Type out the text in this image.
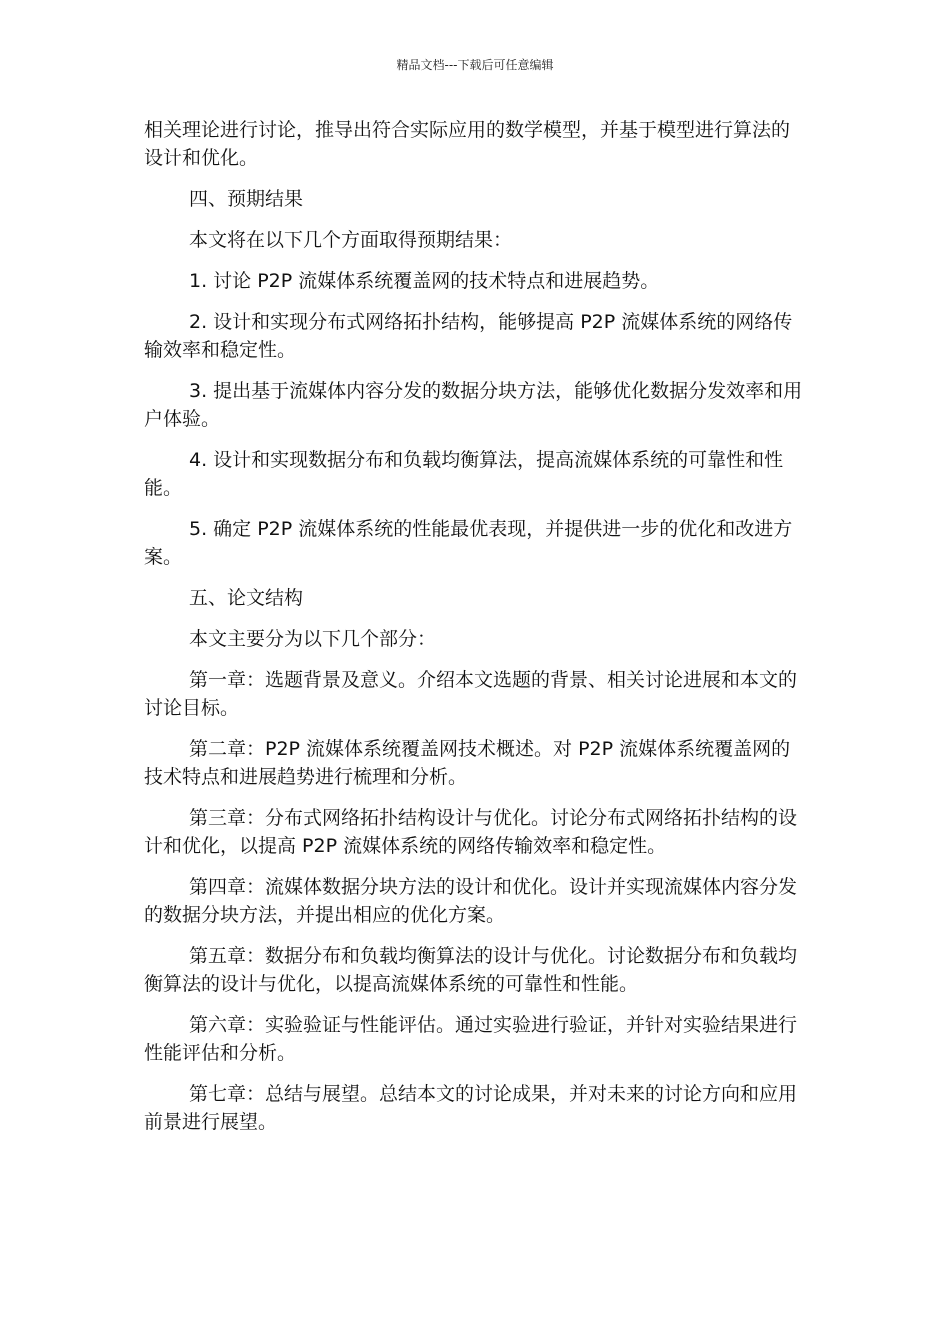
精品文档---下载后可任意编辑

相关理论进行讨论，推导出符合实际应用的数学模型，并基于模型进行算法的设计和优化。

四、预期结果

本文将在以下几个方面取得预期结果：

1. 讨论 P2P 流媒体系统覆盖网的技术特点和进展趋势。

2. 设计和实现分布式网络拓扑结构，能够提高 P2P 流媒体系统的网络传输效率和稳定性。

3. 提出基于流媒体内容分发的数据分块方法，能够优化数据分发效率和用户体验。

4. 设计和实现数据分布和负载均衡算法，提高流媒体系统的可靠性和性能。

5. 确定 P2P 流媒体系统的性能最优表现，并提供进一步的优化和改进方案。

五、论文结构

本文主要分为以下几个部分：

第一章：选题背景及意义。介绍本文选题的背景、相关讨论进展和本文的讨论目标。

第二章：P2P 流媒体系统覆盖网技术概述。对 P2P 流媒体系统覆盖网的技术特点和进展趋势进行梳理和分析。

第三章：分布式网络拓扑结构设计与优化。讨论分布式网络拓扑结构的设计和优化，以提高 P2P 流媒体系统的网络传输效率和稳定性。

第四章：流媒体数据分块方法的设计和优化。设计并实现流媒体内容分发的数据分块方法，并提出相应的优化方案。

第五章：数据分布和负载均衡算法的设计与优化。讨论数据分布和负载均衡算法的设计与优化，以提高流媒体系统的可靠性和性能。

第六章：实验验证与性能评估。通过实验进行验证，并针对实验结果进行性能评估和分析。

第七章：总结与展望。总结本文的讨论成果，并对未来的讨论方向和应用前景进行展望。
